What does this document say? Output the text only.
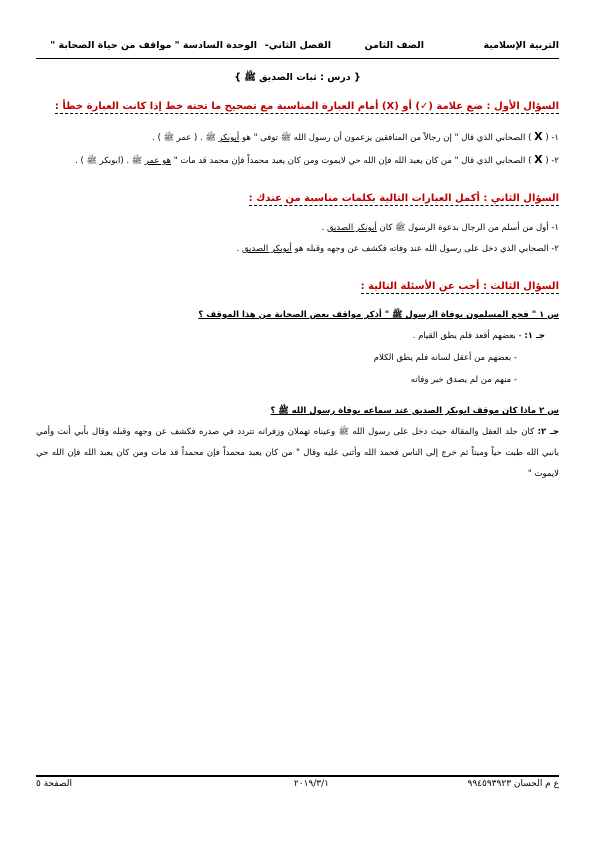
التربية الإسلامية
الصف الثامن
الفصل الثاني-
الوحدة السادسة " مواقف من حياة الصحابة "
{ درس : ثبات الصديق ﷺ }
السؤال الأول : ضع علامة (✓) أو (X) أمام العبارة المناسبة مع تصحيح ما تحته خط إذا كانت العبارة خطأ :
١- ( X ) الصحابي الذي قال " إن رجالاً من المنافقين يزعمون أن رسول الله ﷺ توفى " هو أبوبكر ﷺ . ( عمر ﷺ ) .
٢- ( X ) الصحابي الذي قال " من كان يعبد الله فإن الله حي لايموت ومن كان يعبد محمداً فإن محمد قد مات " هو عمر ﷺ . (ابوبكر ﷺ ) .
السؤال الثاني : أكمل العبارات التالية بكلمات مناسبة من عندك :
١- أول من أسلم من الرجال بدعوة الرسول ﷺ كان أبوبكر الصديق .
٢- الصحابي الذي دخل على رسول الله عند وفاته فكشف عن وجهه وقبله هو أبوبكر الصديق .
السؤال الثالث : أجب عن الأسئلة التالية :
س ١ " فجع المسلمون بوفاة الرسول ﷺ " أذكر مواقف بعض الصحابة من هذا الموقف ؟
جـ ١: - بعضهم أقعد فلم يطق القيام .
- بعضهم من أعقل لسانه فلم يطق الكلام
- منهم من لم يصدق خبر وفاته
س ٢ ماذا كان موقف ابوبكر الصديق عند سماعه بوفاة رسول الله ﷺ ؟
جـ ٢: كان جلد العقل والمقالة حيث دخل على رسول الله ﷺ وعيناه تهملان وزفراته تتردد في صدره فكشف عن وجهه وقبله وقال بأبي أنت وأمي يانبي الله طبت حياً وميتاً ثم خرج إلى الناس فحمد الله وأثنى عليه وقال " من كان يعبد محمداً فإن محمداً قد مات ومن كان يعبد الله فإن الله حي لايموت "
ع م الحسان ٩٩٤٥٩٣٩٢٣
٢٠١٩/٣/١
الصفحة ٥
